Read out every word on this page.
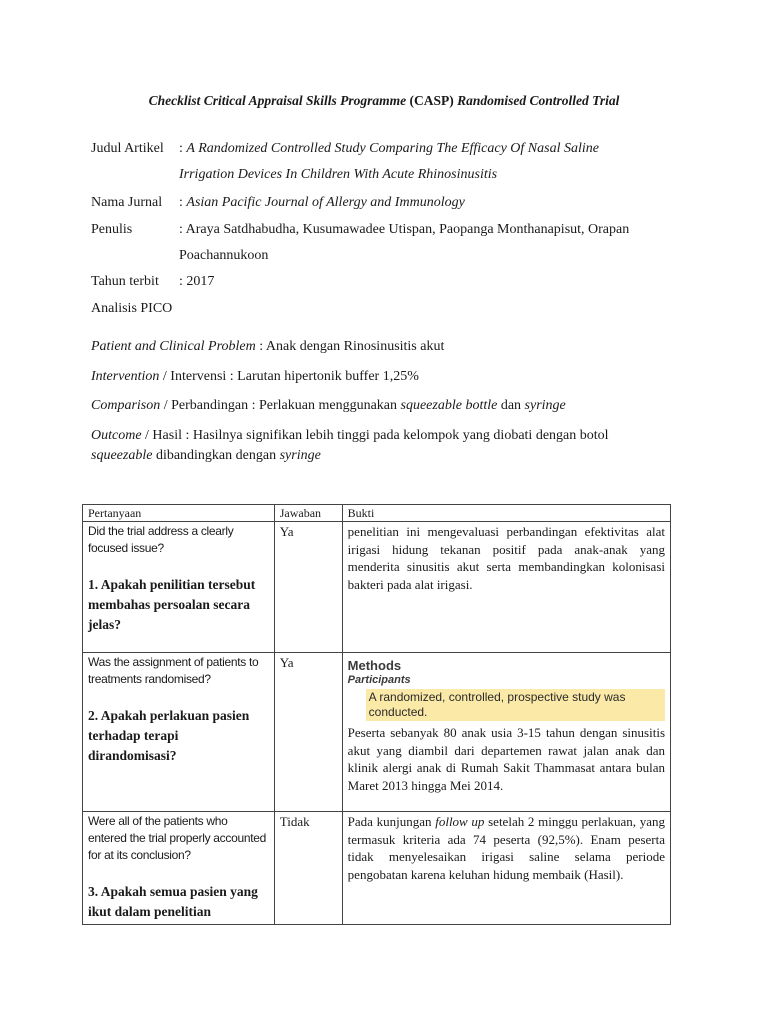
Checklist Critical Appraisal Skills Programme (CASP) Randomised Controlled Trial
Judul Artikel	: A Randomized Controlled Study Comparing The Efficacy Of Nasal Saline
Irrigation Devices In Children With Acute Rhinosinusitis
Nama Jurnal	: Asian Pacific Journal of Allergy and Immunology
Penulis	: Araya Satdhabudha, Kusumawadee Utispan, Paopanga Monthanapisut, Orapan
Poachannukoon
Tahun terbit	: 2017
Analisis PICO
Patient and Clinical Problem : Anak dengan Rinosinusitis akut
Intervention / Intervensi : Larutan hipertonik buffer 1,25%
Comparison / Perbandingan : Perlakuan menggunakan squeezable bottle dan syringe
Outcome / Hasil : Hasilnya signifikan lebih tinggi pada kelompok yang diobati dengan botol
squeezable dibandingkan dengan syringe
Pertanyaan	Jawaban	Bukti

Did the trial address a clearly focused issue?
1. Apakah penilitian tersebut membahas persoalan secara jelas?	Ya	penelitian ini mengevaluasi perbandingan efektivitas alat irigasi hidung tekanan positif pada anak-anak yang menderita sinusitis akut serta membandingkan kolonisasi bakteri pada alat irigasi.

Was the assignment of patients to treatments randomised?
2. Apakah perlakuan pasien terhadap terapi dirandomisasi?	Ya	Methods
Participants
A randomized, controlled, prospective study was conducted.
Peserta sebanyak 80 anak usia 3-15 tahun dengan sinusitis akut yang diambil dari departemen rawat jalan anak dan klinik alergi anak di Rumah Sakit Thammasat antara bulan Maret 2013 hingga Mei 2014.

Were all of the patients who entered the trial properly accounted for at its conclusion?
3. Apakah semua pasien yang ikut dalam penelitian	Tidak	Pada kunjungan follow up setelah 2 minggu perlakuan, yang termasuk kriteria ada 74 peserta (92,5%). Enam peserta tidak menyelesaikan irigasi saline selama periode pengobatan karena keluhan hidung membaik (Hasil).
